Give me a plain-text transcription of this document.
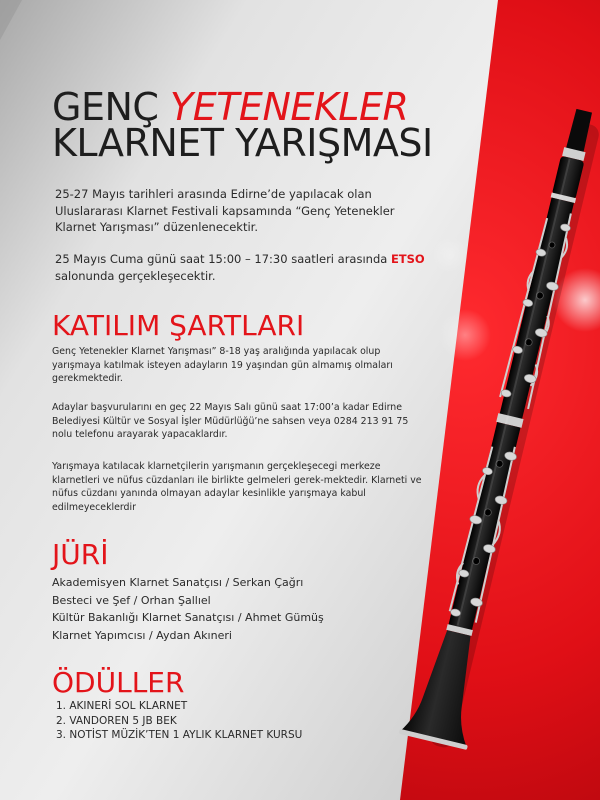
GENÇ YETENEKLER
KLARNET YARIŞMASI
25-27 Mayıs tarihleri arasında Edirne’de yapılacak olan Uluslararası Klarnet Festivali kapsamında “Genç Yetenekler Klarnet Yarışması” düzenlenecektir.
25 Mayıs Cuma günü saat 15:00 – 17:30 saatleri arasında ETSO salonunda gerçekleşecektir.
KATILIM ŞARTLARI
Genç Yetenekler Klarnet Yarışması” 8-18 yaş aralığında yapılacak olup yarışmaya katılmak isteyen adayların 19 yaşından gün almamış olmaları gerekmektedir.
Adaylar başvurularını en geç 22 Mayıs Salı günü saat 17:00’a kadar Edirne Belediyesi Kültür ve Sosyal İşler Müdürlüğü’ne sahsen veya 0284 213 91 75 nolu telefonu arayarak yapacaklardır.
Yarışmaya katılacak klarnetçilerin yarışmanın gerçekleşecegi merkeze klarnetleri ve nüfus cüzdanları ile birlikte gelmeleri gerek-mektedir. Klarneti ve nüfus cüzdanı yanında olmayan adaylar kesinlikle yarışmaya kabul edilmeyeceklerdir
JÜRİ
Akademisyen Klarnet Sanatçısı / Serkan Çağrı
Besteci ve Şef / Orhan Şallıel
Kültür Bakanlığı Klarnet Sanatçısı / Ahmet Gümüş
Klarnet Yapımcısı / Aydan Akıneri
ÖDÜLLER
1. AKINERİ SOL KLARNET
2. VANDOREN 5 JB BEK
3. NOTİST MÜZİK’TEN 1 AYLIK KLARNET KURSU
